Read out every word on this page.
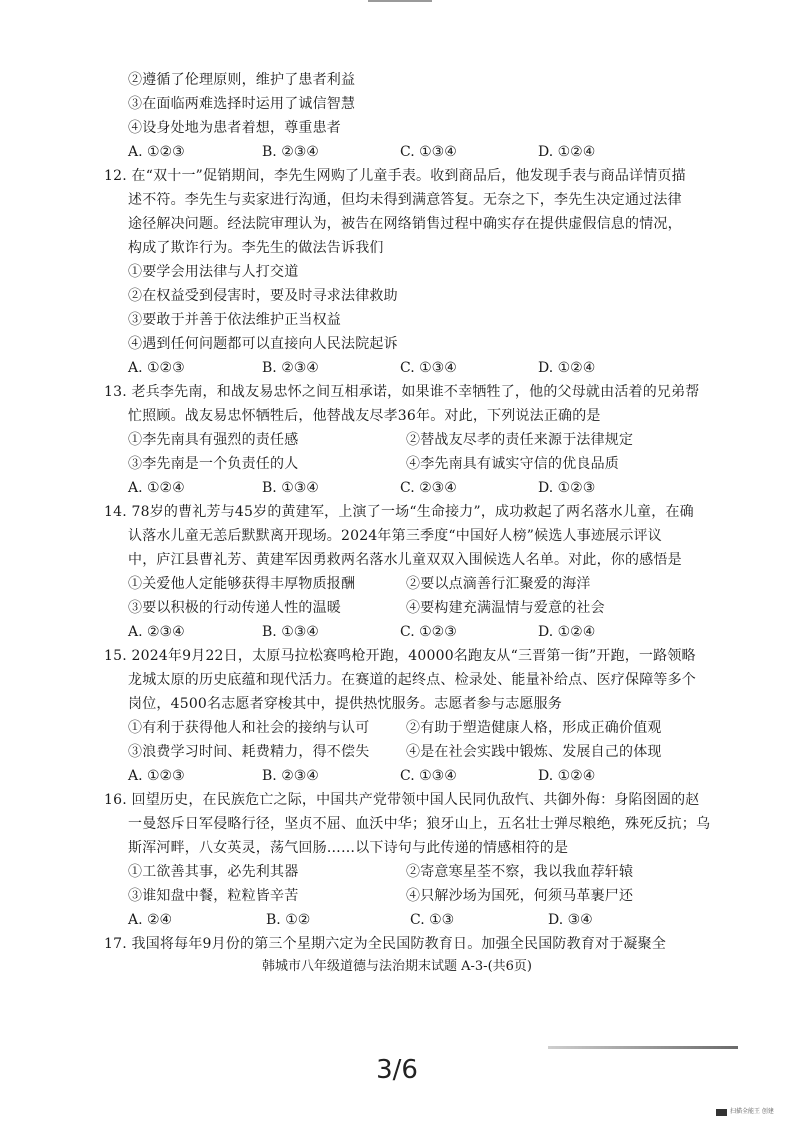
②遵循了伦理原则，维护了患者利益
③在面临两难选择时运用了诚信智慧
④设身处地为患者着想，尊重患者
A. ①②③	B. ②③④	C. ①③④	D. ①②④
12. 在“双十一”促销期间，李先生网购了儿童手表。收到商品后，他发现手表与商品详情页描
述不符。李先生与卖家进行沟通，但均未得到满意答复。无奈之下，李先生决定通过法律
途径解决问题。经法院审理认为，被告在网络销售过程中确实存在提供虚假信息的情况，
构成了欺诈行为。李先生的做法告诉我们
①要学会用法律与人打交道
②在权益受到侵害时，要及时寻求法律救助
③要敢于并善于依法维护正当权益
④遇到任何问题都可以直接向人民法院起诉
A. ①②③	B. ②③④	C. ①③④	D. ①②④
13. 老兵李先南，和战友易忠怀之间互相承诺，如果谁不幸牺牲了，他的父母就由活着的兄弟帮
忙照顾。战友易忠怀牺牲后，他替战友尽孝36年。对此，下列说法正确的是
①李先南具有强烈的责任感	②替战友尽孝的责任来源于法律规定
③李先南是一个负责任的人	④李先南具有诚实守信的优良品质
A. ①②④	B. ①③④	C. ②③④	D. ①②③
14. 78岁的曹礼芳与45岁的黄建军，上演了一场“生命接力”，成功救起了两名落水儿童，在确
认落水儿童无恙后默默离开现场。2024年第三季度“中国好人榜”候选人事迹展示评议
中，庐江县曹礼芳、黄建军因勇救两名落水儿童双双入围候选人名单。对此，你的感悟是
①关爱他人定能够获得丰厚物质报酬	②要以点滴善行汇聚爱的海洋
③要以积极的行动传递人性的温暖	④要构建充满温情与爱意的社会
A. ②③④	B. ①③④	C. ①②③	D. ①②④
15. 2024年9月22日，太原马拉松赛鸣枪开跑，40000名跑友从“三晋第一街”开跑，一路领略
龙城太原的历史底蕴和现代活力。在赛道的起终点、检录处、能量补给点、医疗保障等多个
岗位，4500名志愿者穿梭其中，提供热忱服务。志愿者参与志愿服务
①有利于获得他人和社会的接纳与认可	②有助于塑造健康人格，形成正确价值观
③浪费学习时间、耗费精力，得不偿失	④是在社会实践中锻炼、发展自己的体现
A. ①②③	B. ②③④	C. ①③④	D. ①②④
16. 回望历史，在民族危亡之际，中国共产党带领中国人民同仇敌忾、共御外侮：身陷囹圄的赵
一曼怒斥日军侵略行径，坚贞不屈、血沃中华；狼牙山上，五名壮士弹尽粮绝，殊死反抗；乌
斯浑河畔，八女英灵，荡气回肠……以下诗句与此传递的情感相符的是
①工欲善其事，必先利其器	②寄意寒星荃不察，我以我血荐轩辕
③谁知盘中餐，粒粒皆辛苦	④只解沙场为国死，何须马革裹尸还
A. ②④	B. ①②	C. ①③	D. ③④
17. 我国将每年9月份的第三个星期六定为全民国防教育日。加强全民国防教育对于凝聚全
韩城市八年级道德与法治期末试题 A-3-(共6页)
3/6
扫描全能王 创建
